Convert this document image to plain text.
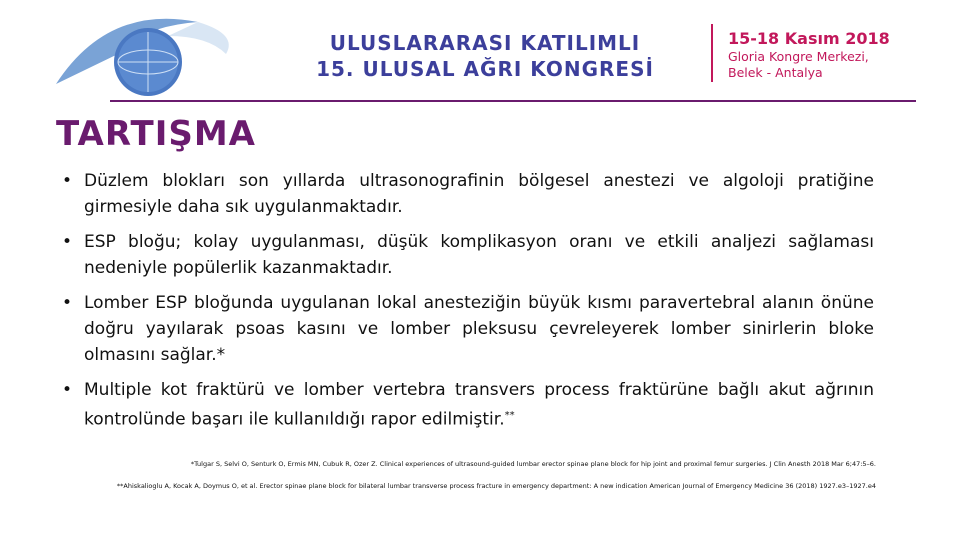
ULUSLARARASI KATILIMLI
15. ULUSAL AĞRI KONGRESİ
15-18 Kasım 2018
Gloria Kongre Merkezi,
Belek - Antalya
TARTIŞMA
• Düzlem blokları son yıllarda ultrasonografinin bölgesel anestezi ve algoloji pratiğine girmesiyle daha sık uygulanmaktadır.
• ESP bloğu; kolay uygulanması, düşük komplikasyon oranı ve etkili analjezi sağlaması nedeniyle popülerlik kazanmaktadır.
• Lomber ESP bloğunda uygulanan lokal anesteziğin büyük kısmı paravertebral alanın önüne doğru yayılarak psoas kasını ve lomber pleksusu çevreleyerek lomber sinirlerin bloke olmasını sağlar.*
• Multiple kot fraktürü ve lomber vertebra transvers process fraktürüne bağlı akut ağrının kontrolünde başarı ile kullanıldığı rapor edilmiştir.**
*Tulgar S, Selvi O, Senturk O, Ermis MN, Cubuk R, Ozer Z. Clinical experiences of ultrasound-guided lumbar erector spinae plane block for hip joint and proximal femur surgeries. J Clin Anesth 2018 Mar 6;47:5–6.
**Ahiskalioglu A, Kocak A, Doymus O, et al. Erector spinae plane block for bilateral lumbar transverse process fracture in emergency department: A new indication American Journal of Emergency Medicine 36 (2018) 1927.e3–1927.e4
